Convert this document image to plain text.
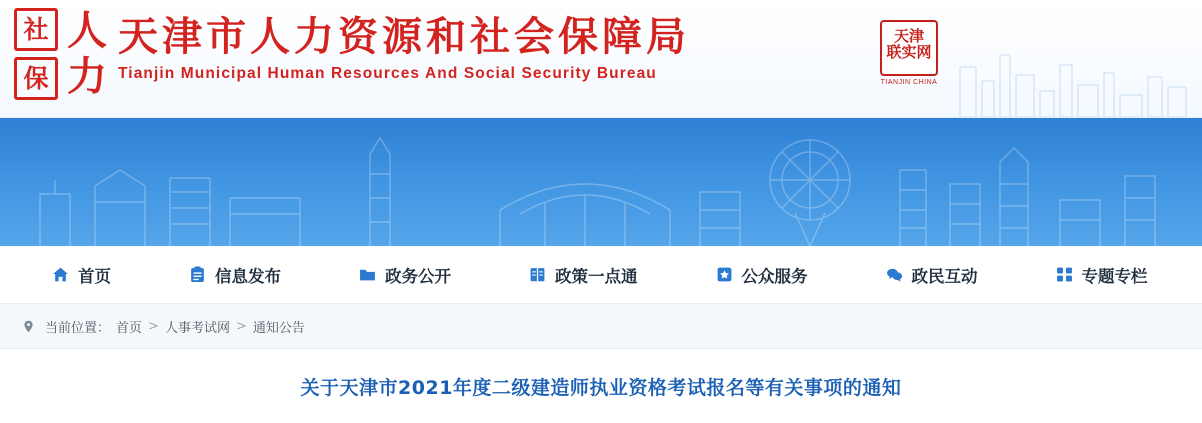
社
保
人
力
天津市人力资源和社会保障局
Tianjin Municipal Human Resources And Social Security Bureau
天津
联实网
TIANJIN CHINA
首页	信息发布	政务公开	政策一点通	公众服务	政民互动	专题专栏
当前位置： 首页 > 人事考试网 > 通知公告
关于天津市2021年度二级建造师执业资格考试报名等有关事项的通知
